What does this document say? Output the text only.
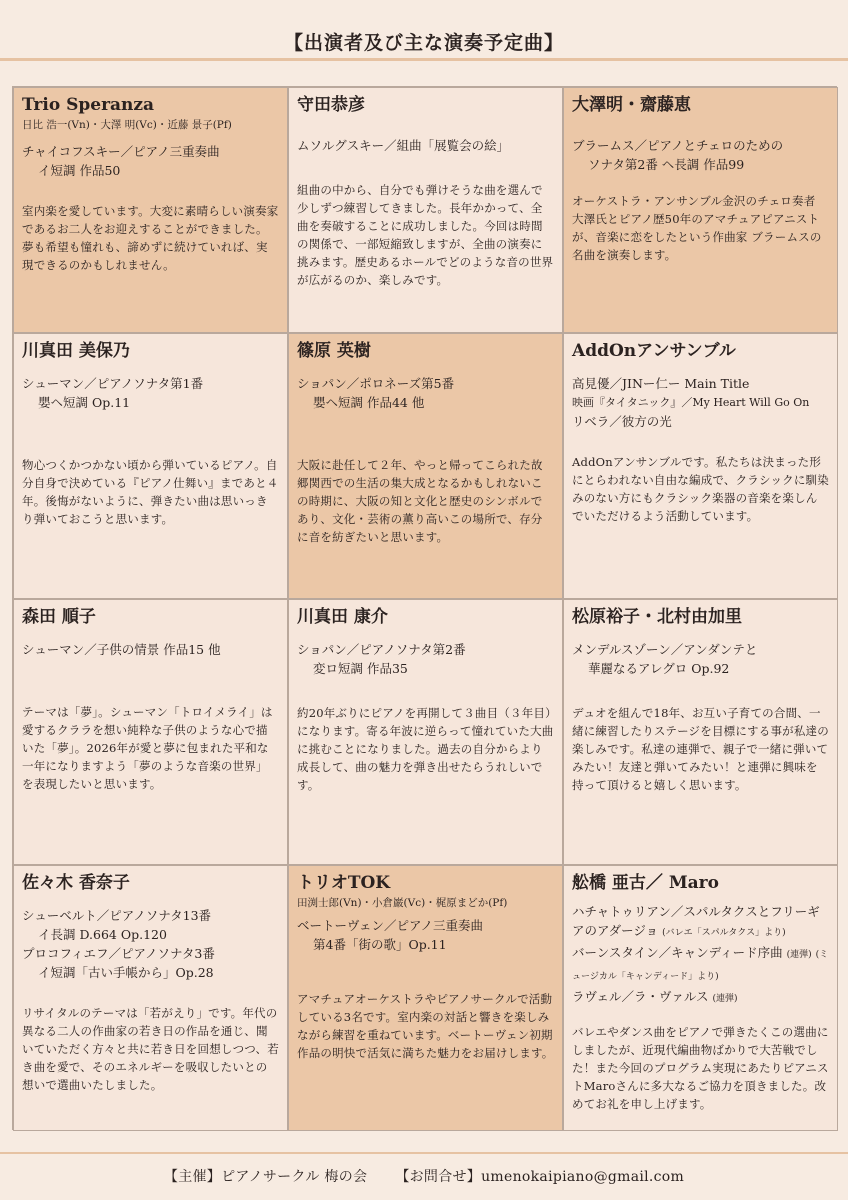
【出演者及び主な演奏予定曲】
Trio Speranza
日比 浩一(Vn)・大澤 明(Vc)・近藤 景子(Pf)
チャイコフスキー／ピアノ三重奏曲
イ短調 作品50
室内楽を愛しています。大変に素晴らしい演奏家であるお二人をお迎えすることができました。夢も希望も憧れも、諦めずに続けていれば、実現できるのかもしれません。
守田恭彦
ムソルグスキー／組曲「展覧会の絵」
組曲の中から、自分でも弾けそうな曲を選んで少しずつ練習してきました。長年かかって、全曲を奏破することに成功しました。今回は時間の関係で、一部短縮致しますが、全曲の演奏に挑みます。歴史あるホールでどのような音の世界が広がるのか、楽しみです。
大澤明・齋藤恵
ブラームス／ピアノとチェロのための
ソナタ第2番 ヘ長調 作品99
オーケストラ・アンサンブル金沢のチェロ奏者 大澤氏とピアノ歴50年のアマチュアピアニストが、音楽に恋をしたという作曲家 ブラームスの名曲を演奏します。
川真田 美保乃
シューマン／ピアノソナタ第1番
嬰ヘ短調 Op.11
物心つくかつかない頃から弾いているピアノ。自分自身で決めている『ピアノ仕舞い』まであと４年。後悔がないように、弾きたい曲は思いっきり弾いておこうと思います。
篠原 英樹
ショパン／ポロネーズ第5番
嬰ヘ短調 作品44 他
大阪に赴任して２年、やっと帰ってこられた故郷関西での生活の集大成となるかもしれないこの時期に、大阪の知と文化と歴史のシンボルであり、文化・芸術の薫り高いこの場所で、存分に音を紡ぎたいと思います。
AddOnアンサンブル
高見優／JINー仁ー Main Title
映画『タイタニック』／My Heart Will Go On
リベラ／彼方の光
AddOnアンサンブルです。私たちは決まった形にとらわれない自由な編成で、クラシックに馴染みのない方にもクラシック楽器の音楽を楽しんでいただけるよう活動しています。
森田 順子
シューマン／子供の情景 作品15 他
テーマは「夢」。シューマン「トロイメライ」は愛するクララを想い純粋な子供のような心で描いた「夢」。2026年が愛と夢に包まれた平和な一年になりますよう「夢のような音楽の世界」を表現したいと思います。
川真田 康介
ショパン／ピアノソナタ第2番
変ロ短調 作品35
約20年ぶりにピアノを再開して３曲目（３年目）になります。寄る年波に逆らって憧れていた大曲に挑むことになりました。過去の自分からより成長して、曲の魅力を弾き出せたらうれしいです。
松原裕子・北村由加里
メンデルスゾーン／アンダンテと
華麗なるアレグロ Op.92
デュオを組んで18年、お互い子育ての合間、一緒に練習したりステージを目標にする事が私達の楽しみです。私達の連弾で、親子で一緒に弾いてみたい！友達と弾いてみたい！と連弾に興味を持って頂けると嬉しく思います。
佐々木 香奈子
シューベルト／ピアノソナタ13番
イ長調 D.664 Op.120
プロコフィエフ／ピアノソナタ3番
イ短調「古い手帳から」Op.28
リサイタルのテーマは「若がえり」です。年代の異なる二人の作曲家の若き日の作品を通じ、聞いていただく方々と共に若き日を回想しつつ、若き曲を愛で、そのエネルギーを吸収したいとの想いで選曲いたしました。
トリオTOK
田渕士郎(Vn)・小倉巌(Vc)・梶原まどか(Pf)
ベートーヴェン／ピアノ三重奏曲
第4番「街の歌」Op.11
アマチュアオーケストラやピアノサークルで活動している3名です。室内楽の対話と響きを楽しみながら練習を重ねています。ベートーヴェン初期作品の明快で活気に満ちた魅力をお届けします。
舩橋 亜古／ Maro
ハチャトゥリアン／スパルタクスとフリーギアのアダージョ (バレエ「スパルタクス」より)
バーンスタイン／キャンディード序曲 (連弾) (ミュージカル「キャンディード」より)
ラヴェル／ラ・ヴァルス (連弾)
バレエやダンス曲をピアノで弾きたくこの選曲にしましたが、近現代編曲物ばかりで大苦戦でした！また今回のプログラム実現にあたりピアニストMaroさんに多大なるご協力を頂きました。改めてお礼を申し上げます。
【主催】ピアノサークル 梅の会 【お問合せ】umenokaipiano@gmail.com
